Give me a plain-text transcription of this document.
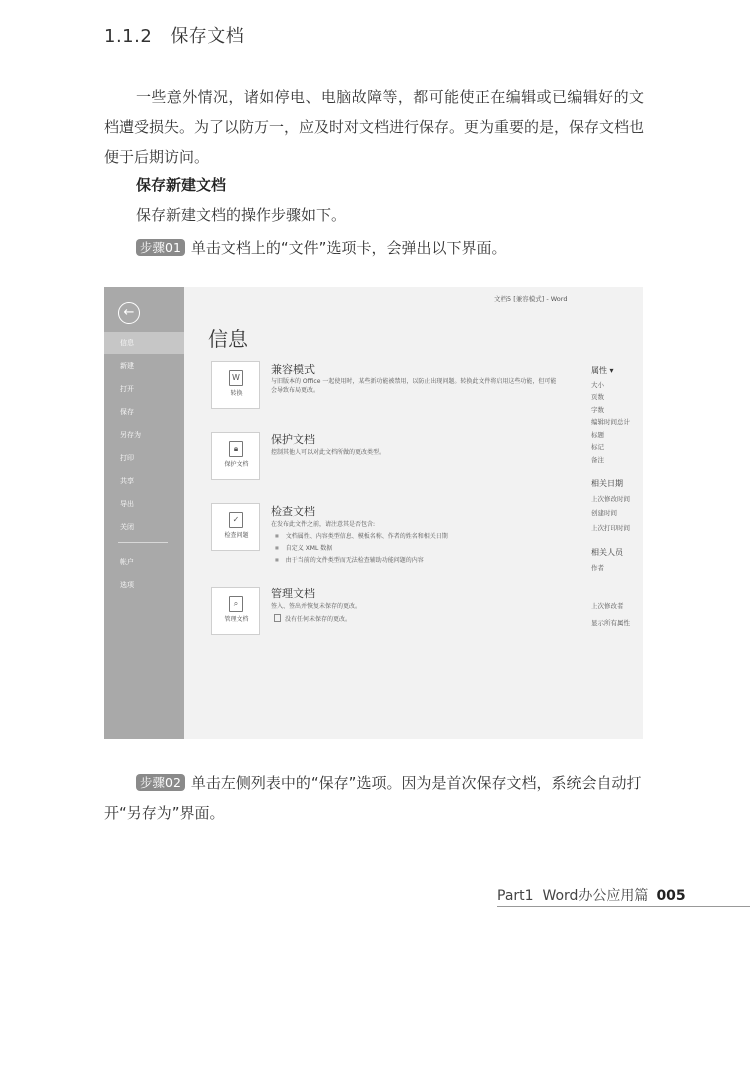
1.1.2 保存文档

一些意外情况，诸如停电、电脑故障等，都可能使正在编辑或已编辑好的文档遭受损失。为了以防万一，应及时对文档进行保存。更为重要的是，保存文档也便于后期访问。

保存新建文档
保存新建文档的操作步骤如下。
步骤01 单击文档上的“文件”选项卡，会弹出以下界面。
←
信息
新建
打开
保存
另存为
打印
共享
导出
关闭
帐户
选项
文档5 [兼容模式] - Word
信息
W
转换
兼容模式
与旧版本的 Office 一起使用时，某些新功能被禁用，以防止出现问题。转换此文件将启用这些功能，但可能会导致布局更改。
🔒︎
保护文档
保护文档
控制其他人可以对此文档所做的更改类型。
✓
检查问题
检查文档
在发布此文件之前，请注意其是否包含:
■ 文档属性、内容类型信息、模板名称、作者的姓名和相关日期
■ 自定义 XML 数据
■ 由于当前的文件类型而无法检查辅助功能问题的内容
⌕
管理文档
管理文档
签入、签出并恢复未保存的更改。
没有任何未保存的更改。
属性 ▾
大小
页数
字数
编辑时间总计
标题
标记
备注
相关日期
上次修改时间
创建时间
上次打印时间
相关人员
作者
上次修改者
显示所有属性
步骤02 单击左侧列表中的“保存”选项。因为是首次保存文档，系统会自动打开“另存为”界面。
Part1  Word办公应用篇 005
